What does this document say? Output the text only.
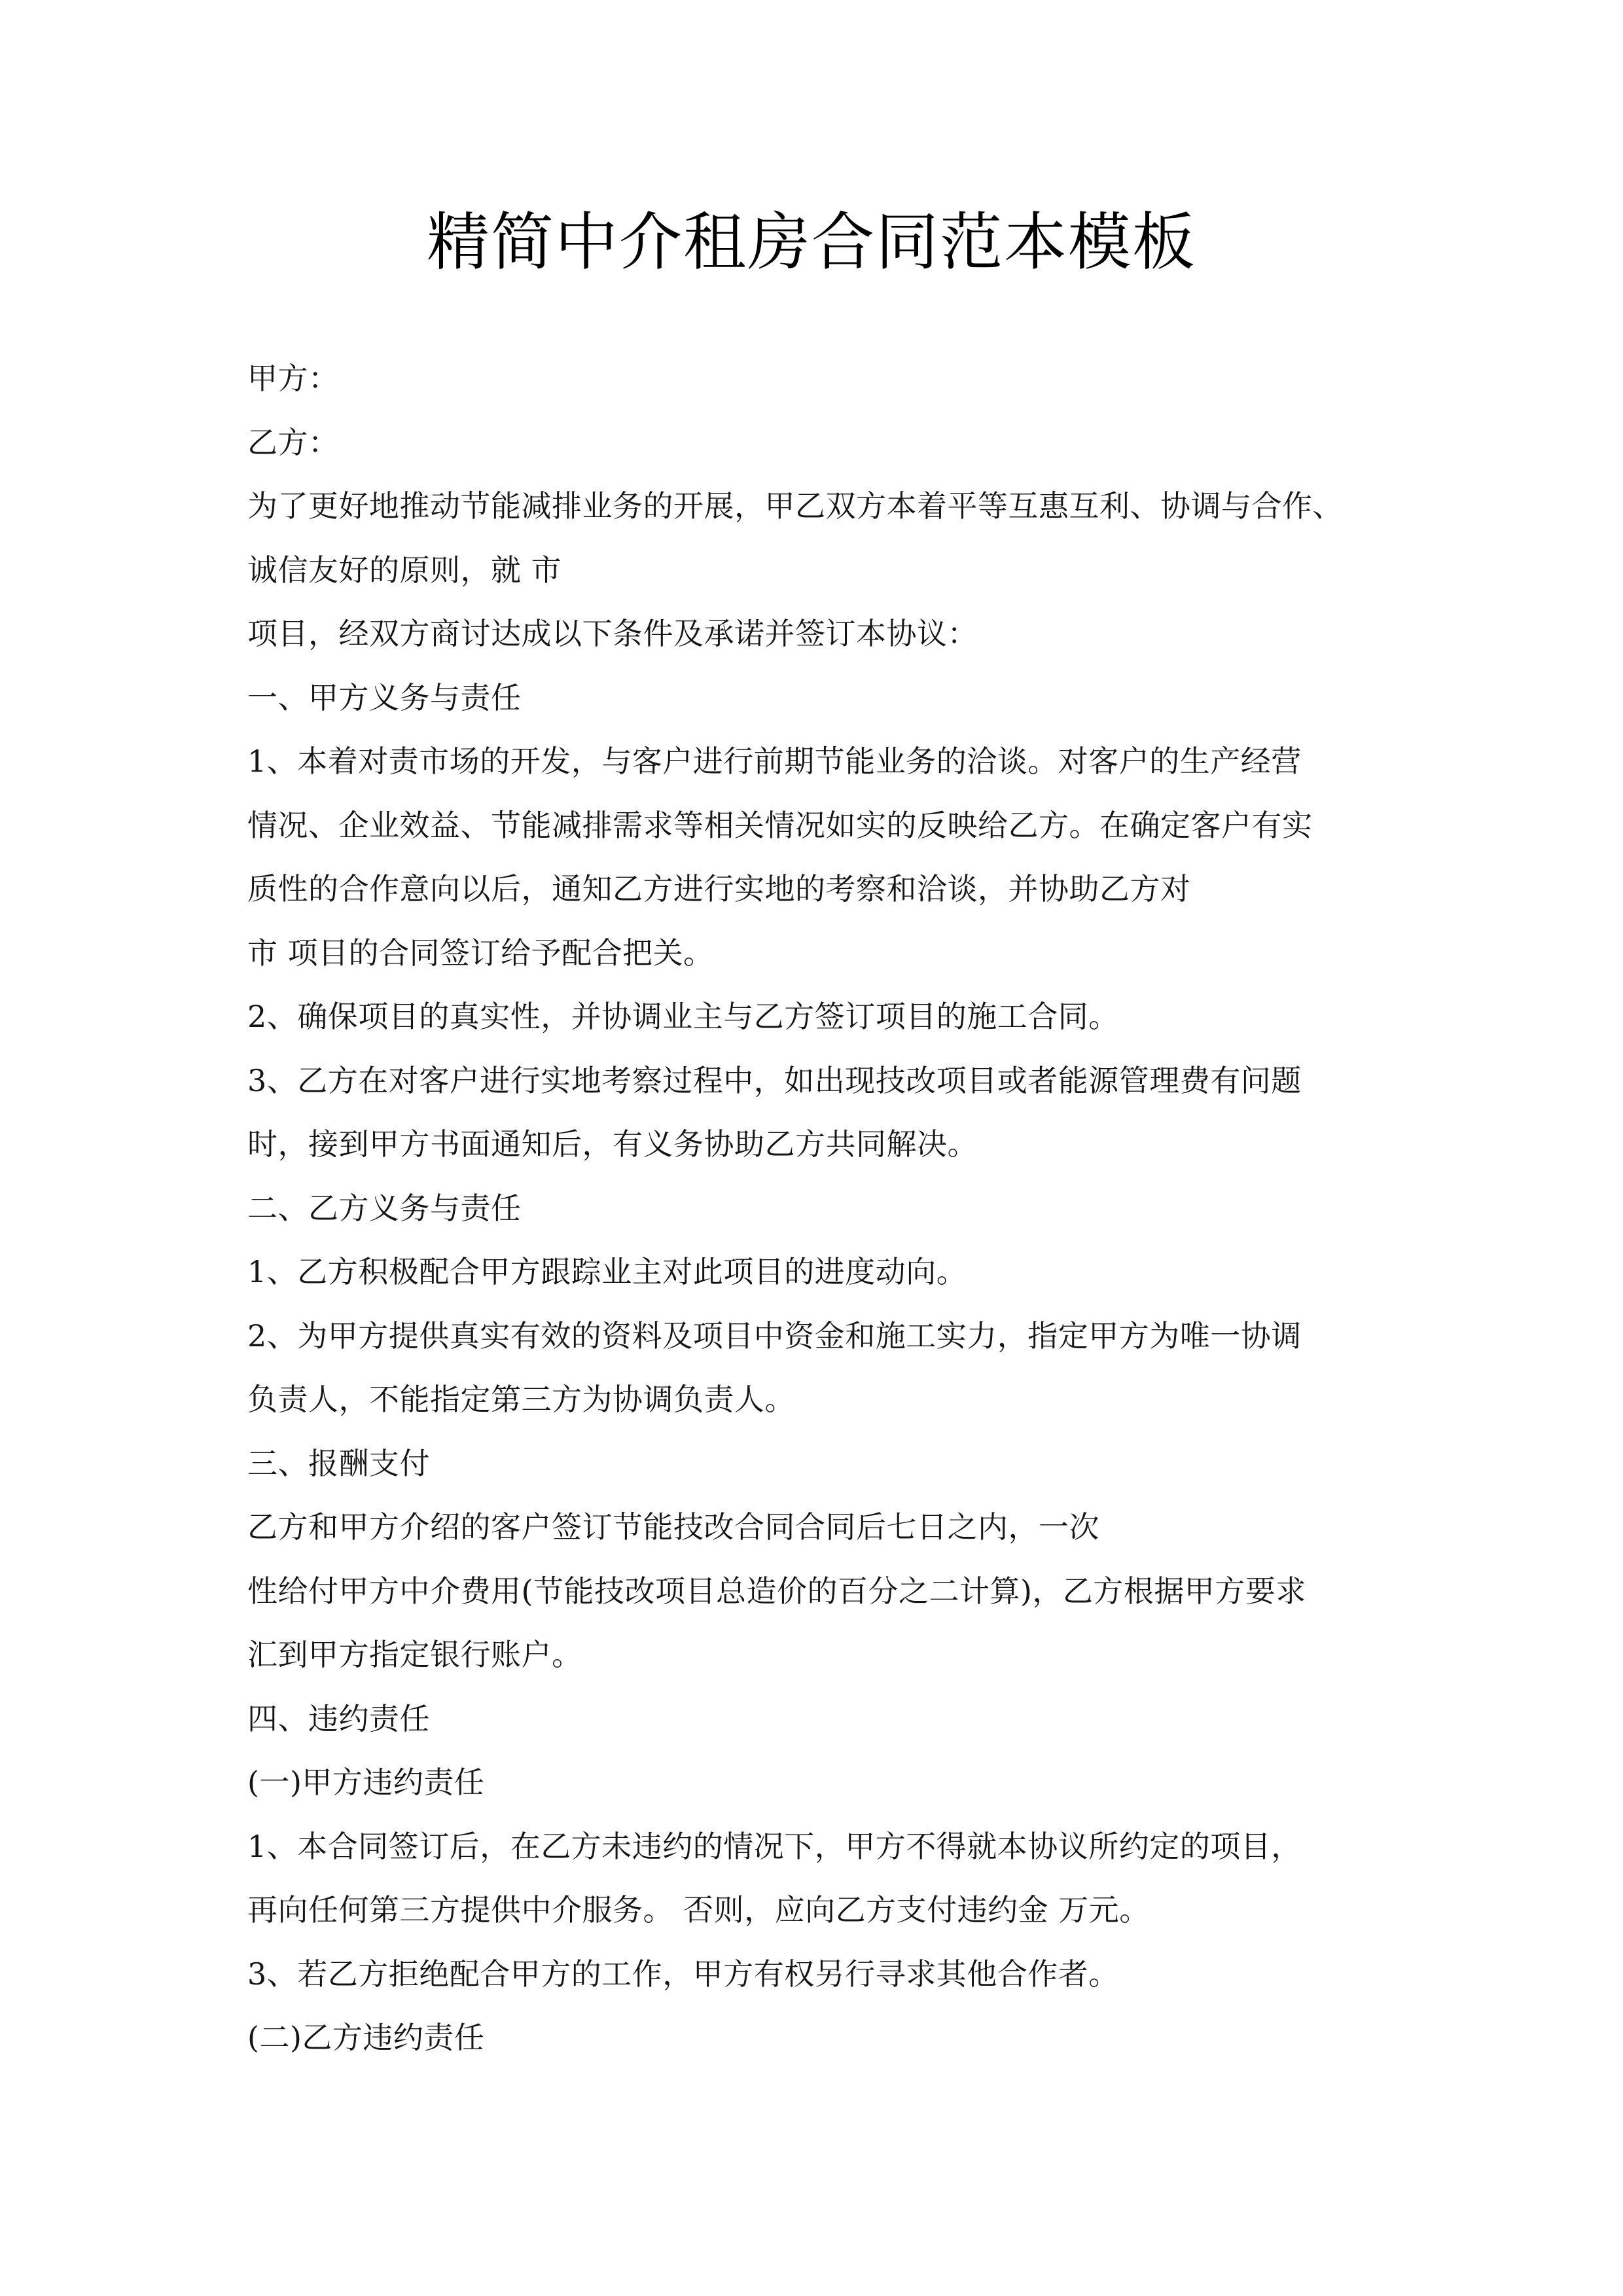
精简中介租房合同范本模板
甲方：
乙方：
为了更好地推动节能减排业务的开展，甲乙双方本着平等互惠互利、协调与合作、
诚信友好的原则，就 市
项目，经双方商讨达成以下条件及承诺并签订本协议：
一、甲方义务与责任
1、本着对责市场的开发，与客户进行前期节能业务的洽谈。对客户的生产经营
情况、企业效益、节能减排需求等相关情况如实的反映给乙方。在确定客户有实
质性的合作意向以后，通知乙方进行实地的考察和洽谈，并协助乙方对
市 项目的合同签订给予配合把关。
2、确保项目的真实性，并协调业主与乙方签订项目的施工合同。
3、乙方在对客户进行实地考察过程中，如出现技改项目或者能源管理费有问题
时，接到甲方书面通知后，有义务协助乙方共同解决。
二、乙方义务与责任
1、乙方积极配合甲方跟踪业主对此项目的进度动向。
2、为甲方提供真实有效的资料及项目中资金和施工实力，指定甲方为唯一协调
负责人，不能指定第三方为协调负责人。
三、报酬支付
乙方和甲方介绍的客户签订节能技改合同合同后七日之内，一次
性给付甲方中介费用(节能技改项目总造价的百分之二计算)，乙方根据甲方要求
汇到甲方指定银行账户。
四、违约责任
(一)甲方违约责任
1、本合同签订后，在乙方未违约的情况下，甲方不得就本协议所约定的项目，
再向任何第三方提供中介服务。 否则，应向乙方支付违约金 万元。
3、若乙方拒绝配合甲方的工作，甲方有权另行寻求其他合作者。
(二)乙方违约责任
